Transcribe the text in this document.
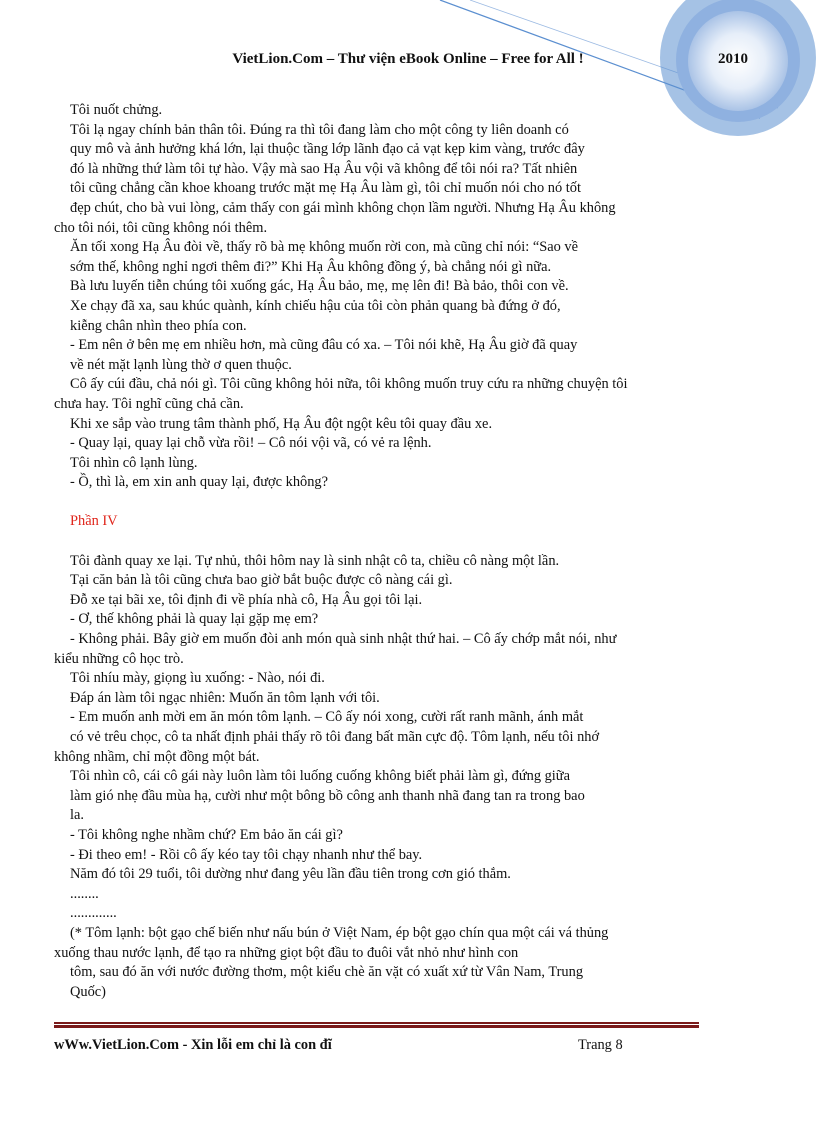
VietLion.Com – Thư viện eBook Online – Free for All !	2010
Tôi nuốt chửng.
Tôi lạ ngay chính bản thân tôi. Đúng ra thì tôi đang làm cho một công ty liên doanh có
quy mô và ảnh hưởng khá lớn, lại thuộc tầng lớp lãnh đạo cả vạt kẹp kim vàng, trước đây
đó là những thứ làm tôi tự hào. Vậy mà sao Hạ Âu vội vã không để tôi nói ra? Tất nhiên
tôi cũng chẳng cần khoe khoang trước mặt mẹ Hạ Âu làm gì, tôi chỉ muốn nói cho nó tốt
đẹp chút, cho bà vui lòng, cảm thấy con gái mình không chọn lầm người. Nhưng Hạ Âu không
cho tôi nói, tôi cũng không nói thêm.
Ăn tối xong Hạ Âu đòi về, thấy rõ bà mẹ không muốn rời con, mà cũng chỉ nói: “Sao về
sớm thế, không nghỉ ngơi thêm đi?” Khi Hạ Âu không đồng ý, bà chẳng nói gì nữa.
Bà lưu luyến tiễn chúng tôi xuống gác, Hạ Âu bảo, mẹ, mẹ lên đi! Bà bảo, thôi con về.
Xe chạy đã xa, sau khúc quành, kính chiếu hậu của tôi còn phản quang bà đứng ở đó,
kiễng chân nhìn theo phía con.
- Em nên ở bên mẹ em nhiều hơn, mà cũng đâu có xa. – Tôi nói khẽ, Hạ Âu giờ đã quay
về nét mặt lạnh lùng thờ ơ quen thuộc.
Cô ấy cúi đầu, chả nói gì. Tôi cũng không hỏi nữa, tôi không muốn truy cứu ra những chuyện tôi
chưa hay. Tôi nghĩ cũng chả cần.
Khi xe sắp vào trung tâm thành phố, Hạ Âu đột ngột kêu tôi quay đầu xe.
- Quay lại, quay lại chỗ vừa rồi! – Cô nói vội vã, có vẻ ra lệnh.
Tôi nhìn cô lạnh lùng.
- Ồ, thì là, em xin anh quay lại, được không?
Phần IV
Tôi đành quay xe lại. Tự nhủ, thôi hôm nay là sinh nhật cô ta, chiều cô nàng một lần.
Tại căn bản là tôi cũng chưa bao giờ bắt buộc được cô nàng cái gì.
Đỗ xe tại bãi xe, tôi định đi về phía nhà cô, Hạ Âu gọi tôi lại.
- Ơ, thế không phải là quay lại gặp mẹ em?
- Không phải. Bây giờ em muốn đòi anh món quà sinh nhật thứ hai. – Cô ấy chớp mắt nói, như
kiểu những cô học trò.
Tôi nhíu mày, giọng ìu xuống: - Nào, nói đi.
Đáp án làm tôi ngạc nhiên: Muốn ăn tôm lạnh với tôi.
- Em muốn anh mời em ăn món tôm lạnh. – Cô ấy nói xong, cười rất ranh mãnh, ánh mắt
có vẻ trêu chọc, cô ta nhất định phải thấy rõ tôi đang bất mãn cực độ. Tôm lạnh, nếu tôi nhớ
không nhầm, chỉ một đồng một bát.
Tôi nhìn cô, cái cô gái này luôn làm tôi luống cuống không biết phải làm gì, đứng giữa
làm gió nhẹ đầu mùa hạ, cười như một bông bồ công anh thanh nhã đang tan ra trong bao
la.
- Tôi không nghe nhầm chứ? Em bảo ăn cái gì?
- Đi theo em! - Rồi cô ấy kéo tay tôi chạy nhanh như thể bay.
Năm đó tôi 29 tuổi, tôi dường như đang yêu lần đầu tiên trong cơn gió thắm.
........
.............
(* Tôm lạnh: bột gạo chế biến như nấu bún ở Việt Nam, ép bột gạo chín qua một cái vá thủng
xuống thau nước lạnh, để tạo ra những giọt bột đầu to đuôi vắt nhỏ như hình con
tôm, sau đó ăn với nước đường thơm, một kiểu chè ăn vặt có xuất xứ từ Vân Nam, Trung
Quốc)
wWw.VietLion.Com - Xin lỗi em chỉ là con đĩ	Trang 8
